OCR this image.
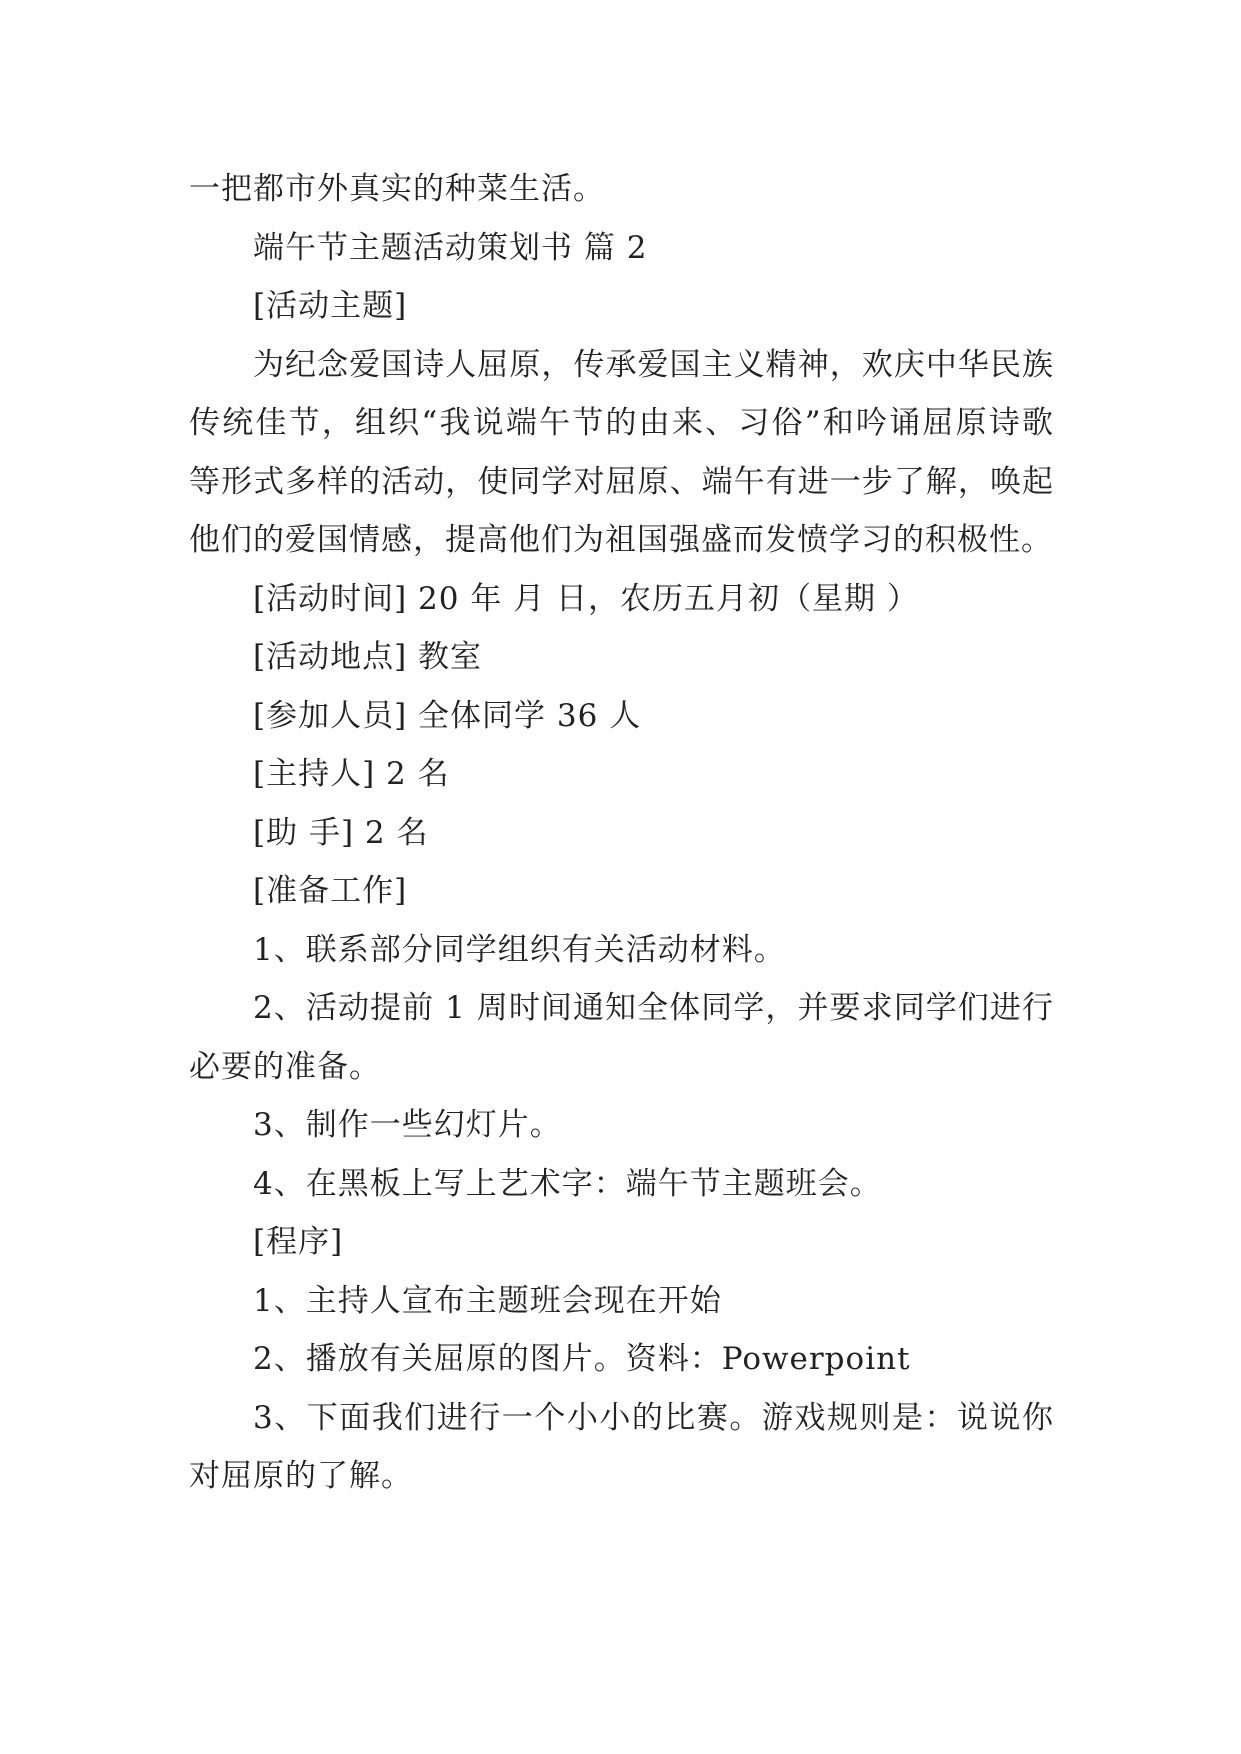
一把都市外真实的种菜生活。

端午节主题活动策划书 篇 2

[活动主题]

为纪念爱国诗人屈原，传承爱国主义精神，欢庆中华民族传统佳节，组织“我说端午节的由来、习俗”和吟诵屈原诗歌等形式多样的活动，使同学对屈原、端午有进一步了解，唤起他们的爱国情感，提高他们为祖国强盛而发愤学习的积极性。

[活动时间] 20 年 月 日，农历五月初（星期 ）

[活动地点] 教室

[参加人员] 全体同学 36 人

[主持人] 2 名

[助 手] 2 名

[准备工作]

1、联系部分同学组织有关活动材料。

2、活动提前 1 周时间通知全体同学，并要求同学们进行必要的准备。

3、制作一些幻灯片。

4、在黑板上写上艺术字：端午节主题班会。

[程序]

1、主持人宣布主题班会现在开始

2、播放有关屈原的图片。资料：Powerpoint

3、下面我们进行一个小小的比赛。游戏规则是：说说你对屈原的了解。
